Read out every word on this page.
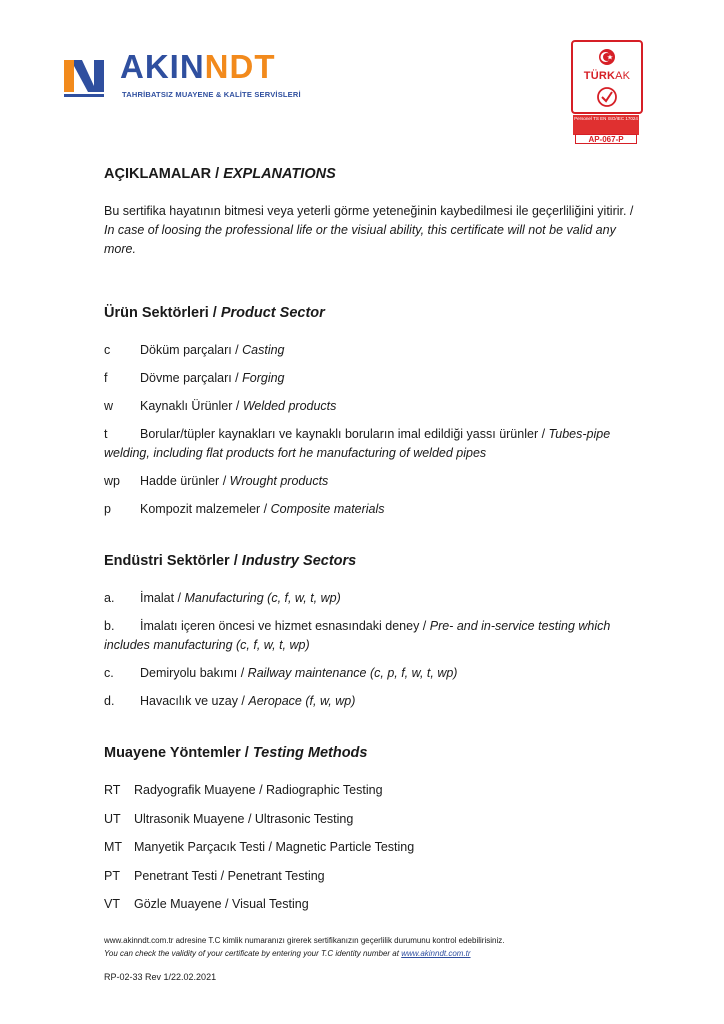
AKINNDT
TAHRİBATSIZ MUAYENE & KALİTE SERVİSLERİ
TÜRKAK
Personel TS EN ISO/IEC 17024
AP-067-P
AÇIKLAMALAR / EXPLANATIONS

Bu sertifika hayatının bitmesi veya yeterli görme yeteneğinin kaybedilmesi ile geçerliliğini yitirir. / In case of loosing the professional life or the visiual ability, this certificate will not be valid any more.

Ürün Sektörleri / Product Sector
c	Döküm parçaları / Casting
f	Dövme parçaları / Forging
w	Kaynaklı Ürünler / Welded products
t	Borular/tüpler kaynakları ve kaynaklı boruların imal edildiği yassı ürünler / Tubes-pipe welding, including flat products fort he manufacturing of welded pipes
wp	Hadde ürünler / Wrought products
p	Kompozit malzemeler / Composite materials
Endüstri Sektörler / Industry Sectors
a.	İmalat / Manufacturing (c, f, w, t, wp)
b. İmalatı içeren öncesi ve hizmet esnasındaki deney / Pre- and in-service testing which includes manufacturing (c, f, w, t, wp)
c.	Demiryolu bakımı / Railway maintenance (c, p, f, w, t, wp)
d.	Havacılık ve uzay / Aeropace (f, w, wp)
Muayene Yöntemler / Testing Methods
RT	Radyografik Muayene / Radiographic Testing
UT	Ultrasonik Muayene / Ultrasonic Testing
MT Manyetik Parçacık Testi / Magnetic Particle Testing
PT	Penetrant Testi / Penetrant Testing
VT	Gözle Muayene / Visual Testing

www.akinndt.com.tr adresine T.C kimlik numaranızı girerek sertifikanızın geçerlilik durumunu kontrol edebilirisiniz.

You can check the validity of your certificate by entering your T.C identity number at www.akinndt.com.tr

RP-02-33 Rev 1/22.02.2021
